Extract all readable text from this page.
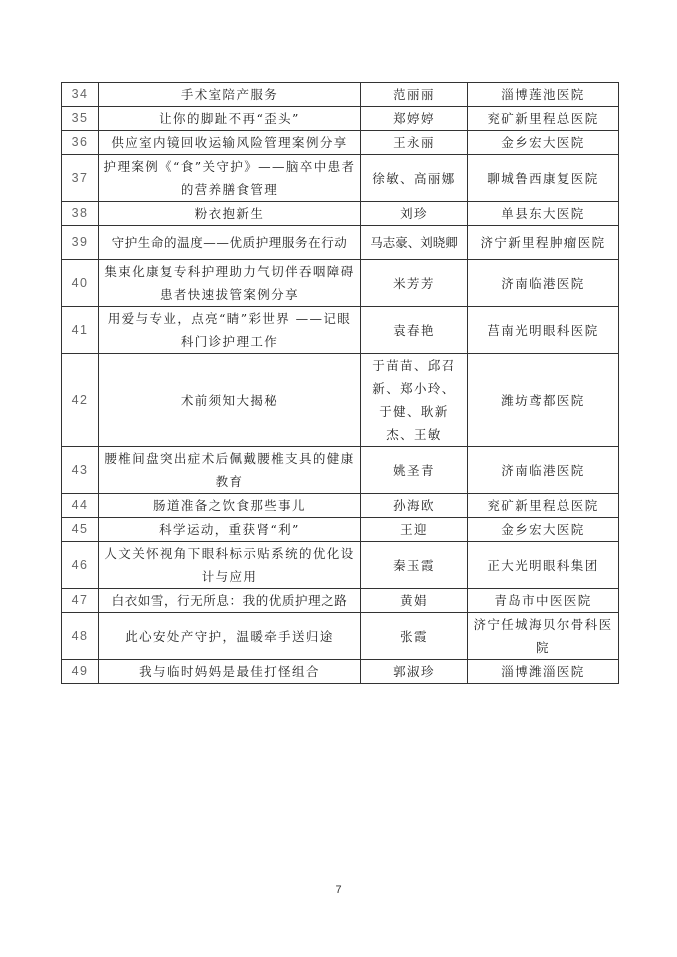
34	手术室陪产服务	范丽丽	淄博莲池医院
35	让你的脚趾不再“歪头”	郑婷婷	兖矿新里程总医院
36	供应室内镜回收运输风险管理案例分享	王永丽	金乡宏大医院
37	护理案例《“食”关守护》——脑卒中患者的营养膳食管理	徐敏、高丽娜	聊城鲁西康复医院
38	粉衣抱新生	刘珍	单县东大医院
39	守护生命的温度——优质护理服务在行动	马志豪、刘晓卿	济宁新里程肿瘤医院
40	集束化康复专科护理助力气切伴吞咽障碍患者快速拔管案例分享	米芳芳	济南临港医院
41	用爱与专业，点亮“睛”彩世界 ——记眼科门诊护理工作	袁春艳	莒南光明眼科医院
42	术前须知大揭秘	于苗苗、邱召新、郑小玲、于健、耿新杰、王敏	潍坊鸢都医院
43	腰椎间盘突出症术后佩戴腰椎支具的健康教育	姚圣青	济南临港医院
44	肠道准备之饮食那些事儿	孙海欧	兖矿新里程总医院
45	科学运动，重获肾“利”	王迎	金乡宏大医院
46	人文关怀视角下眼科标示贴系统的优化设计与应用	秦玉霞	正大光明眼科集团
47	白衣如雪，行无所息：我的优质护理之路	黄娟	青岛市中医医院
48	此心安处产守护，温暖牵手送归途	张霞	济宁任城海贝尔骨科医院
49	我与临时妈妈是最佳打怪组合	郭淑珍	淄博潍淄医院
7
